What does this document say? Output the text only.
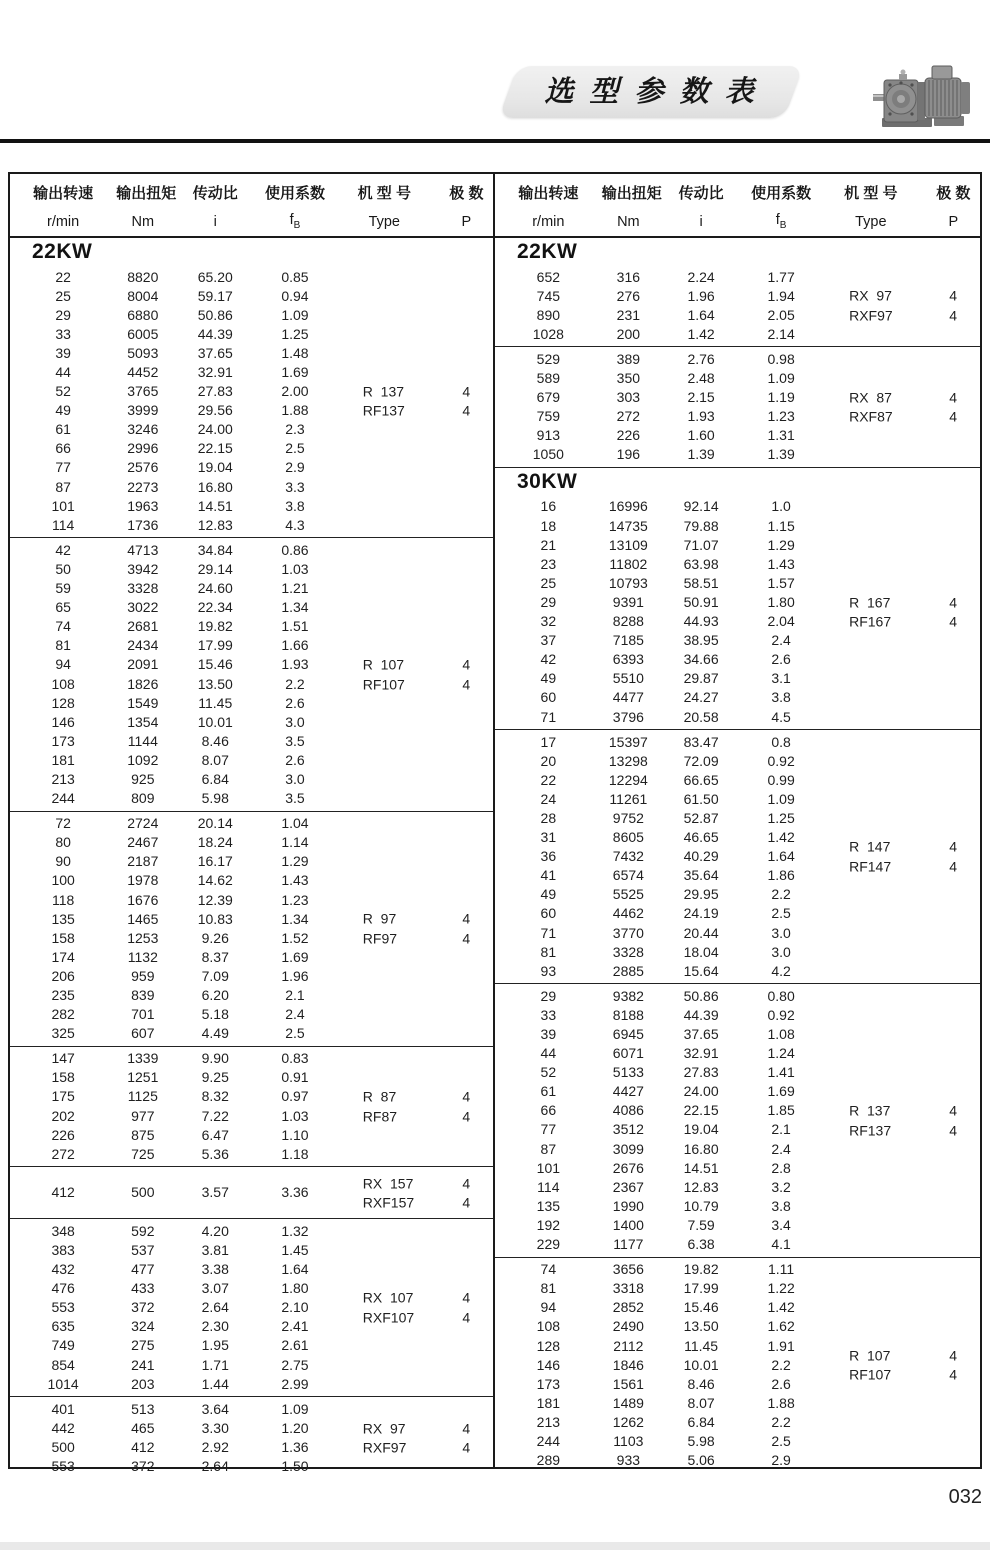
选 型 参 数 表
输出转速	输出扭矩	传动比	使用系数	机 型 号	极 数
r/min	Nm	i	$f_B$	Type	P
22KW
22	8820	65.20	0.85
25	8004	59.17	0.94
29	6880	50.86	1.09
33	6005	44.39	1.25
39	5093	37.65	1.48
44	4452	32.91	1.69
52	3765	27.83	2.00
49	3999	29.56	1.88
61	3246	24.00	2.3
66	2996	22.15	2.5
77	2576	19.04	2.9
87	2273	16.80	3.3
101	1963	14.51	3.8
114	1736	12.83	4.3
R  137	4
RF137	4
42	4713	34.84	0.86
50	3942	29.14	1.03
59	3328	24.60	1.21
65	3022	22.34	1.34
74	2681	19.82	1.51
81	2434	17.99	1.66
94	2091	15.46	1.93
108	1826	13.50	2.2
128	1549	11.45	2.6
146	1354	10.01	3.0
173	1144	8.46	3.5
181	1092	8.07	2.6
213	925	6.84	3.0
244	809	5.98	3.5
R  107	4
RF107	4
72	2724	20.14	1.04
80	2467	18.24	1.14
90	2187	16.17	1.29
100	1978	14.62	1.43
118	1676	12.39	1.23
135	1465	10.83	1.34
158	1253	9.26	1.52
174	1132	8.37	1.69
206	959	7.09	1.96
235	839	6.20	2.1
282	701	5.18	2.4
325	607	4.49	2.5
R  97	4
RF97	4
147	1339	9.90	0.83
158	1251	9.25	0.91
175	1125	8.32	0.97
202	977	7.22	1.03
226	875	6.47	1.10
272	725	5.36	1.18
R  87	4
RF87	4
412	500	3.57	3.36
RX  157	4
RXF157	4
348	592	4.20	1.32
383	537	3.81	1.45
432	477	3.38	1.64
476	433	3.07	1.80
553	372	2.64	2.10
635	324	2.30	2.41
749	275	1.95	2.61
854	241	1.71	2.75
1014	203	1.44	2.99
RX  107	4
RXF107	4
401	513	3.64	1.09
442	465	3.30	1.20
500	412	2.92	1.36
553	372	2.64	1.50
RX  97	4
RXF97	4
输出转速	输出扭矩	传动比	使用系数	机 型 号	极 数
r/min	Nm	i	$f_B$	Type	P
22KW
652	316	2.24	1.77
745	276	1.96	1.94
890	231	1.64	2.05
1028	200	1.42	2.14
RX  97	4
RXF97	4
529	389	2.76	0.98
589	350	2.48	1.09
679	303	2.15	1.19
759	272	1.93	1.23
913	226	1.60	1.31
1050	196	1.39	1.39
RX  87	4
RXF87	4
30KW
16	16996	92.14	1.0
18	14735	79.88	1.15
21	13109	71.07	1.29
23	11802	63.98	1.43
25	10793	58.51	1.57
29	9391	50.91	1.80
32	8288	44.93	2.04
37	7185	38.95	2.4
42	6393	34.66	2.6
49	5510	29.87	3.1
60	4477	24.27	3.8
71	3796	20.58	4.5
R  167	4
RF167	4
17	15397	83.47	0.8
20	13298	72.09	0.92
22	12294	66.65	0.99
24	11261	61.50	1.09
28	9752	52.87	1.25
31	8605	46.65	1.42
36	7432	40.29	1.64
41	6574	35.64	1.86
49	5525	29.95	2.2
60	4462	24.19	2.5
71	3770	20.44	3.0
81	3328	18.04	3.0
93	2885	15.64	4.2
R  147	4
RF147	4
29	9382	50.86	0.80
33	8188	44.39	0.92
39	6945	37.65	1.08
44	6071	32.91	1.24
52	5133	27.83	1.41
61	4427	24.00	1.69
66	4086	22.15	1.85
77	3512	19.04	2.1
87	3099	16.80	2.4
101	2676	14.51	2.8
114	2367	12.83	3.2
135	1990	10.79	3.8
192	1400	7.59	3.4
229	1177	6.38	4.1
R  137	4
RF137	4
74	3656	19.82	1.11
81	3318	17.99	1.22
94	2852	15.46	1.42
108	2490	13.50	1.62
128	2112	11.45	1.91
146	1846	10.01	2.2
173	1561	8.46	2.6
181	1489	8.07	1.88
213	1262	6.84	2.2
244	1103	5.98	2.5
289	933	5.06	2.9
R  107	4
RF107	4
032
